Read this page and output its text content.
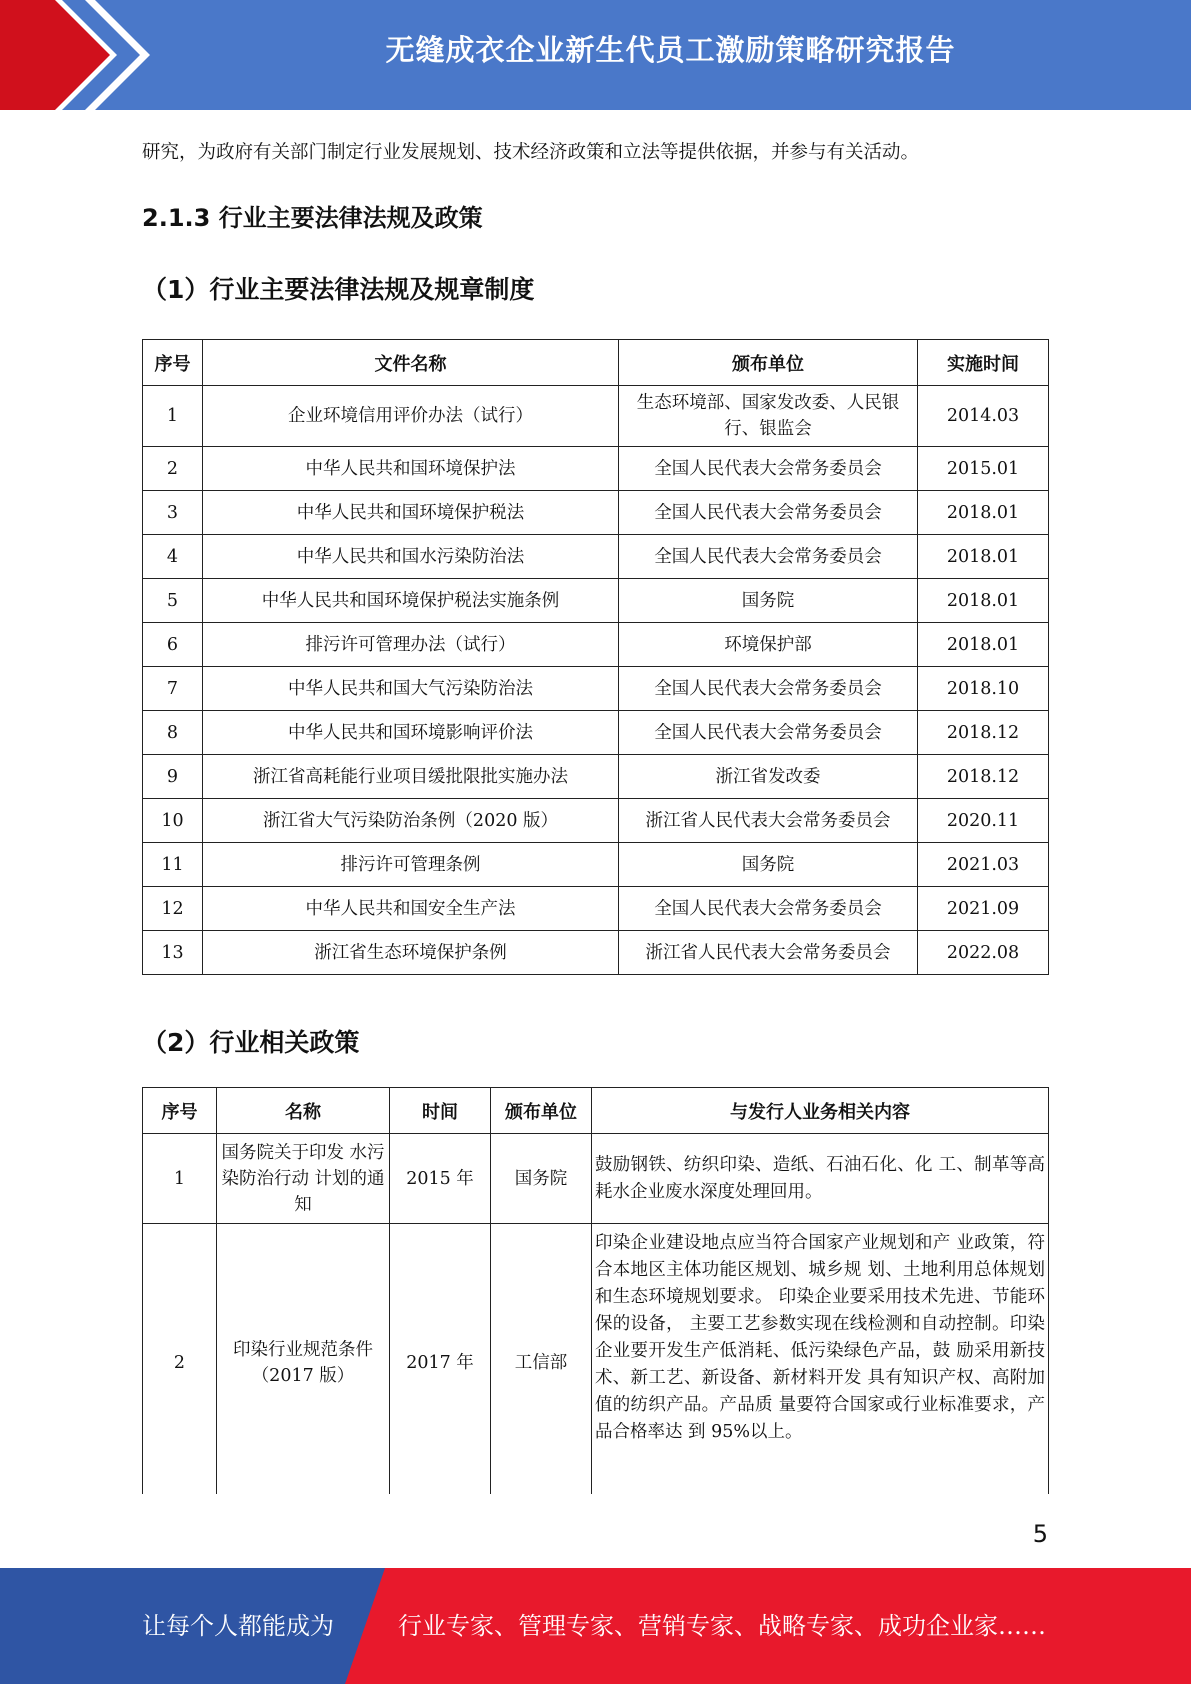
无缝成衣企业新生代员工激励策略研究报告

研究，为政府有关部门制定行业发展规划、技术经济政策和立法等提供依据，并参与有关活动。

2.1.3 行业主要法律法规及政策
（1）行业主要法律法规及规章制度
序号	文件名称	颁布单位	实施时间
1	企业环境信用评价办法（试行）	生态环境部、国家发改委、人民银行、银监会	2014.03
2	中华人民共和国环境保护法	全国人民代表大会常务委员会	2015.01
3	中华人民共和国环境保护税法	全国人民代表大会常务委员会	2018.01
4	中华人民共和国水污染防治法	全国人民代表大会常务委员会	2018.01
5	中华人民共和国环境保护税法实施条例	国务院	2018.01
6	排污许可管理办法（试行）	环境保护部	2018.01
7	中华人民共和国大气污染防治法	全国人民代表大会常务委员会	2018.10
8	中华人民共和国环境影响评价法	全国人民代表大会常务委员会	2018.12
9	浙江省高耗能行业项目缓批限批实施办法	浙江省发改委	2018.12
10	浙江省大气污染防治条例（2020 版）	浙江省人民代表大会常务委员会	2020.11
11	排污许可管理条例	国务院	2021.03
12	中华人民共和国安全生产法	全国人民代表大会常务委员会	2021.09
13	浙江省生态环境保护条例	浙江省人民代表大会常务委员会	2022.08
（2）行业相关政策
序号	名称	时间	颁布单位	与发行人业务相关内容
1	国务院关于印发 水污染防治行动 计划的通知	2015 年	国务院	鼓励钢铁、纺织印染、造纸、石油石化、化 工、制革等高耗水企业废水深度处理回用。
2	印染行业规范条件（2017 版）	2017 年	工信部	印染企业建设地点应当符合国家产业规划和产 业政策，符合本地区主体功能区规划、城乡规 划、土地利用总体规划和生态环境规划要求。 印染企业要采用技术先进、节能环保的设备， 主要工艺参数实现在线检测和自动控制。印染 企业要开发生产低消耗、低污染绿色产品，鼓 励采用新技术、新工艺、新设备、新材料开发 具有知识产权、高附加值的纺织产品。产品质 量要符合国家或行业标准要求，产品合格率达 到 95%以上。
5
让每个人都能成为	行业专家、管理专家、营销专家、战略专家、成功企业家……
